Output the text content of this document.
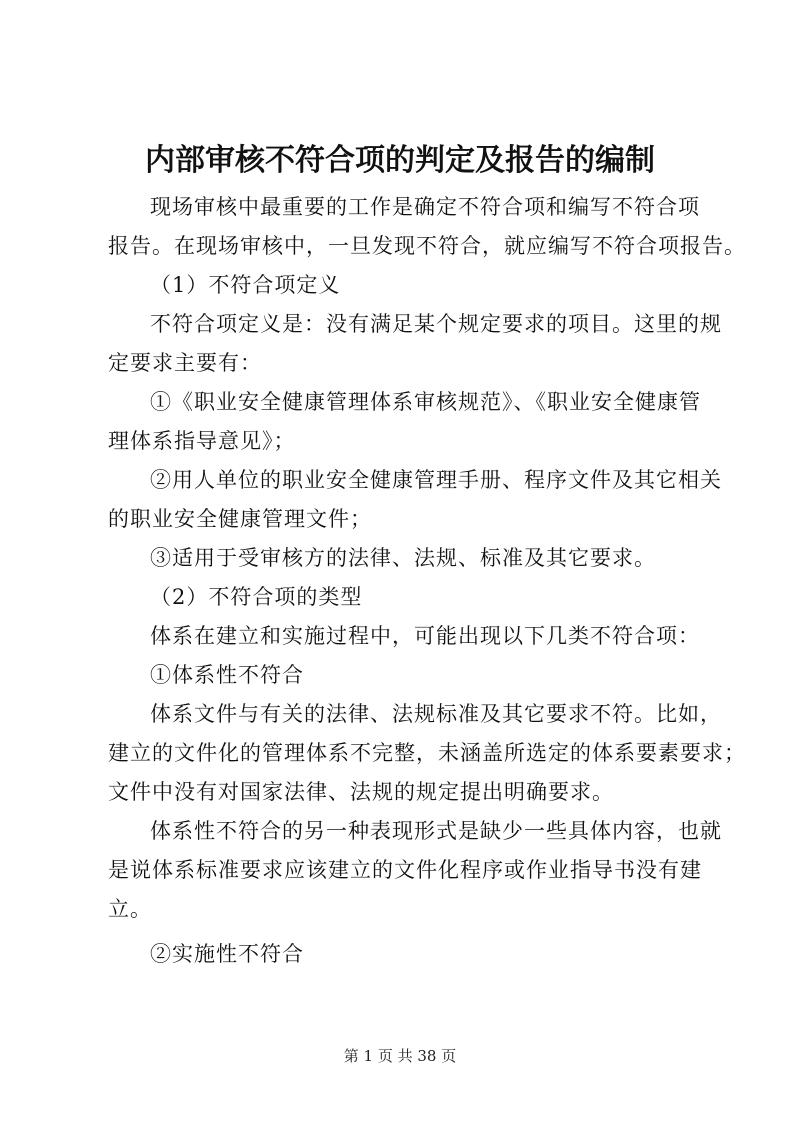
内部审核不符合项的判定及报告的编制
现场审核中最重要的工作是确定不符合项和编写不符合项
报告。在现场审核中，一旦发现不符合，就应编写不符合项报告。
（1）不符合项定义
不符合项定义是：没有满足某个规定要求的项目。这里的规
定要求主要有：
①《职业安全健康管理体系审核规范》、《职业安全健康管
理体系指导意见》；
②用人单位的职业安全健康管理手册、程序文件及其它相关
的职业安全健康管理文件；
③适用于受审核方的法律、法规、标准及其它要求。
（2）不符合项的类型
体系在建立和实施过程中，可能出现以下几类不符合项：
①体系性不符合
体系文件与有关的法律、法规标准及其它要求不符。比如，
建立的文件化的管理体系不完整，未涵盖所选定的体系要素要求；
文件中没有对国家法律、法规的规定提出明确要求。
体系性不符合的另一种表现形式是缺少一些具体内容，也就
是说体系标准要求应该建立的文件化程序或作业指导书没有建
立。
②实施性不符合
第 1 页 共 38 页
